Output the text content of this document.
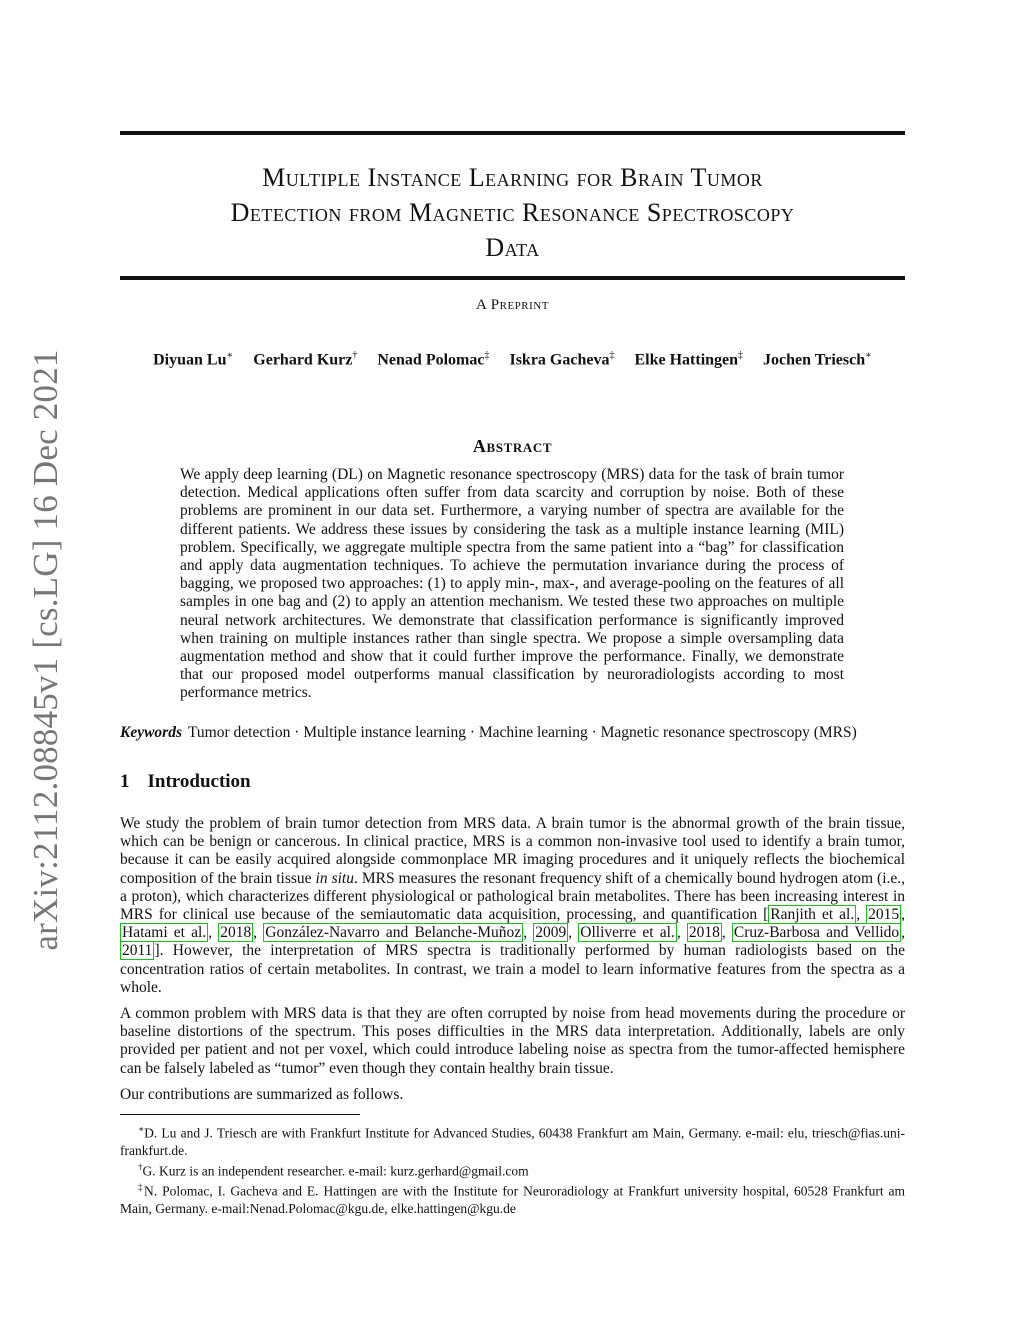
arXiv:2112.08845v1 [cs.LG] 16 Dec 2021
Multiple Instance Learning for Brain Tumor
Detection from Magnetic Resonance Spectroscopy
Data
A Preprint
Diyuan Lu∗ Gerhard Kurz† Nenad Polomac‡ Iskra Gacheva‡ Elke Hattingen‡ Jochen Triesch∗
Abstract

We apply deep learning (DL) on Magnetic resonance spectroscopy (MRS) data for the task of brain tumor detection. Medical applications often suffer from data scarcity and corruption by noise. Both of these problems are prominent in our data set. Furthermore, a varying number of spectra are available for the different patients. We address these issues by considering the task as a multiple instance learning (MIL) problem. Specifically, we aggregate multiple spectra from the same patient into a “bag” for classification and apply data augmentation techniques. To achieve the permutation invariance during the process of bagging, we proposed two approaches: (1) to apply min-, max-, and average-pooling on the features of all samples in one bag and (2) to apply an attention mechanism. We tested these two approaches on multiple neural network architectures. We demonstrate that classification performance is significantly improved when training on multiple instances rather than single spectra. We propose a simple oversampling data augmentation method and show that it could further improve the performance. Finally, we demonstrate that our proposed model outperforms manual classification by neuroradiologists according to most performance metrics.

Keywords Tumor detection · Multiple instance learning · Machine learning · Magnetic resonance spectroscopy (MRS)
1 Introduction

We study the problem of brain tumor detection from MRS data. A brain tumor is the abnormal growth of the brain tissue, which can be benign or cancerous. In clinical practice, MRS is a common non-invasive tool used to identify a brain tumor, because it can be easily acquired alongside commonplace MR imaging procedures and it uniquely reflects the biochemical composition of the brain tissue in situ. MRS measures the resonant frequency shift of a chemically bound hydrogen atom (i.e., a proton), which characterizes different physiological or pathological brain metabolites. There has been increasing interest in MRS for clinical use because of the semiautomatic data acquisition, processing, and quantification [ Ranjith et al. , 2015 , Hatami et al. , 2018 , González-Navarro and Belanche-Muñoz , 2009 , Olliverre et al. , 2018 , Cruz-Barbosa and Vellido , 2011 ]. However, the interpretation of MRS spectra is traditionally performed by human radiologists based on the concentration ratios of certain metabolites. In contrast, we train a model to learn informative features from the spectra as a whole.

A common problem with MRS data is that they are often corrupted by noise from head movements during the procedure or baseline distortions of the spectrum. This poses difficulties in the MRS data interpretation. Additionally, labels are only provided per patient and not per voxel, which could introduce labeling noise as spectra from the tumor-affected hemisphere can be falsely labeled as “tumor” even though they contain healthy brain tissue.

Our contributions are summarized as follows.

∗D. Lu and J. Triesch are with Frankfurt Institute for Advanced Studies, 60438 Frankfurt am Main, Germany. e-mail: elu, triesch@fias.uni-frankfurt.de.

†G. Kurz is an independent researcher. e-mail: kurz.gerhard@gmail.com

‡N. Polomac, I. Gacheva and E. Hattingen are with the Institute for Neuroradiology at Frankfurt university hospital, 60528 Frankfurt am Main, Germany. e-mail:Nenad.Polomac@kgu.de, elke.hattingen@kgu.de
